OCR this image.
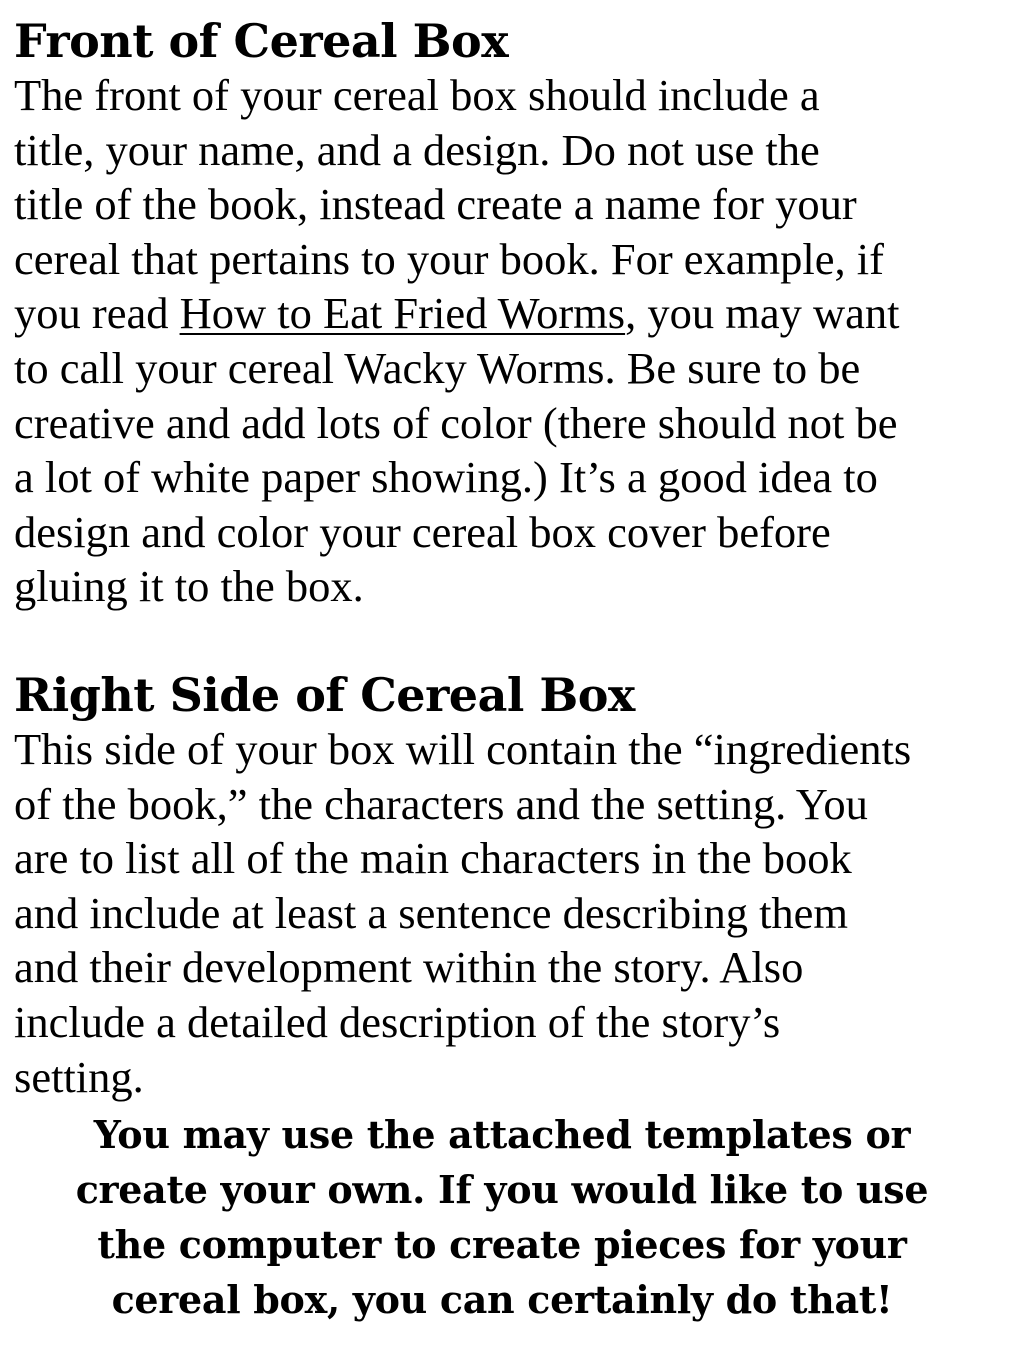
Front of Cereal Box

The front of your cereal box should include a
title, your name, and a design. Do not use the
title of the book, instead create a name for your
cereal that pertains to your book. For example, if
you read How to Eat Fried Worms, you may want
to call your cereal Wacky Worms. Be sure to be
creative and add lots of color (there should not be
a lot of white paper showing.) It’s a good idea to
design and color your cereal box cover before
gluing it to the box.

Right Side of Cereal Box

This side of your box will contain the “ingredients
of the book,” the characters and the setting. You
are to list all of the main characters in the book
and include at least a sentence describing them
and their development within the story. Also
include a detailed description of the story’s
setting.

You may use the attached templates or
create your own. If you would like to use
the computer to create pieces for your
cereal box, you can certainly do that!
